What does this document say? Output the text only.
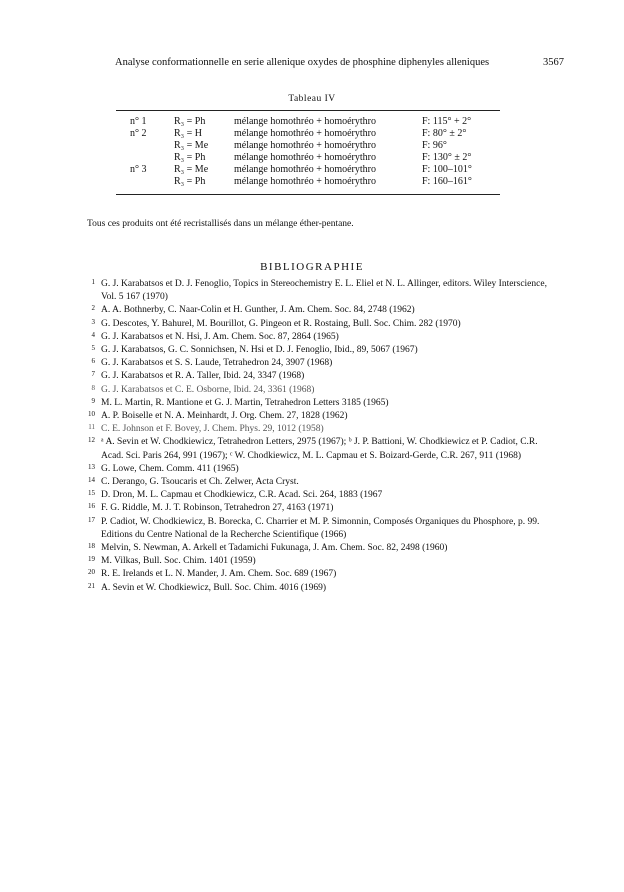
Analyse conformationnelle en serie allenique oxydes de phosphine diphenyles alleniques	3567
Tableau IV
n° 1	R₃ = Ph	mélange homothréo + homoérythro	F: 115° + 2°
n° 2	R₃ = H	mélange homothréo + homoérythro	F: 80° ± 2°
	R₃ = Me	mélange homothréo + homoérythro	F: 96°
	R₃ = Ph	mélange homothréo + homoérythro	F: 130° ± 2°
n° 3	R₃ = Me	mélange homothréo + homoérythro	F: 100–101°
	R₃ = Ph	mélange homothréo + homoérythro	F: 160–161°
Tous ces produits ont été recristallisés dans un mélange éther-pentane.
BIBLIOGRAPHIE
1 G. J. Karabatsos et D. J. Fenoglio, Topics in Stereochemistry E. L. Eliel et N. L. Allinger, editors. Wiley Interscience, Vol. 5 167 (1970)
2 A. A. Bothnerby, C. Naar-Colin et H. Gunther, J. Am. Chem. Soc. 84, 2748 (1962)
3 G. Descotes, Y. Bahurel, M. Bourillot, G. Pingeon et R. Rostaing, Bull. Soc. Chim. 282 (1970)
4 G. J. Karabatsos et N. Hsi, J. Am. Chem. Soc. 87, 2864 (1965)
5 G. J. Karabatsos, G. C. Sonnichsen, N. Hsi et D. J. Fenoglio, Ibid., 89, 5067 (1967)
6 G. J. Karabatsos et S. S. Laude, Tetrahedron 24, 3907 (1968)
7 G. J. Karabatsos et R. A. Taller, Ibid. 24, 3347 (1968)
8 G. J. Karabatsos et C. E. Osborne, Ibid. 24, 3361 (1968)
9 M. L. Martin, R. Mantione et G. J. Martin, Tetrahedron Letters 3185 (1965)
10 A. P. Boiselle et N. A. Meinhardt, J. Org. Chem. 27, 1828 (1962)
11 C. E. Johnson et F. Bovey, J. Chem. Phys. 29, 1012 (1958)
12 ᵃ A. Sevin et W. Chodkiewicz, Tetrahedron Letters, 2975 (1967); ᵇ J. P. Battioni, W. Chodkiewicz et P. Cadiot, C.R. Acad. Sci. Paris 264, 991 (1967); ᶜ W. Chodkiewicz, M. L. Capmau et S. Boizard-Gerde, C.R. 267, 911 (1968)
13 G. Lowe, Chem. Comm. 411 (1965)
14 C. Derango, G. Tsoucaris et Ch. Zelwer, Acta Cryst.
15 D. Dron, M. L. Capmau et Chodkiewicz, C.R. Acad. Sci. 264, 1883 (1967
16 F. G. Riddle, M. J. T. Robinson, Tetrahedron 27, 4163 (1971)
17 P. Cadiot, W. Chodkiewicz, B. Borecka, C. Charrier et M. P. Simonnin, Composés Organiques du Phosphore, p. 99. Editions du Centre National de la Recherche Scientifique (1966)
18 Melvin, S. Newman, A. Arkell et Tadamichi Fukunaga, J. Am. Chem. Soc. 82, 2498 (1960)
19 M. Vilkas, Bull. Soc. Chim. 1401 (1959)
20 R. E. Irelands et L. N. Mander, J. Am. Chem. Soc. 689 (1967)
21 A. Sevin et W. Chodkiewicz, Bull. Soc. Chim. 4016 (1969)
